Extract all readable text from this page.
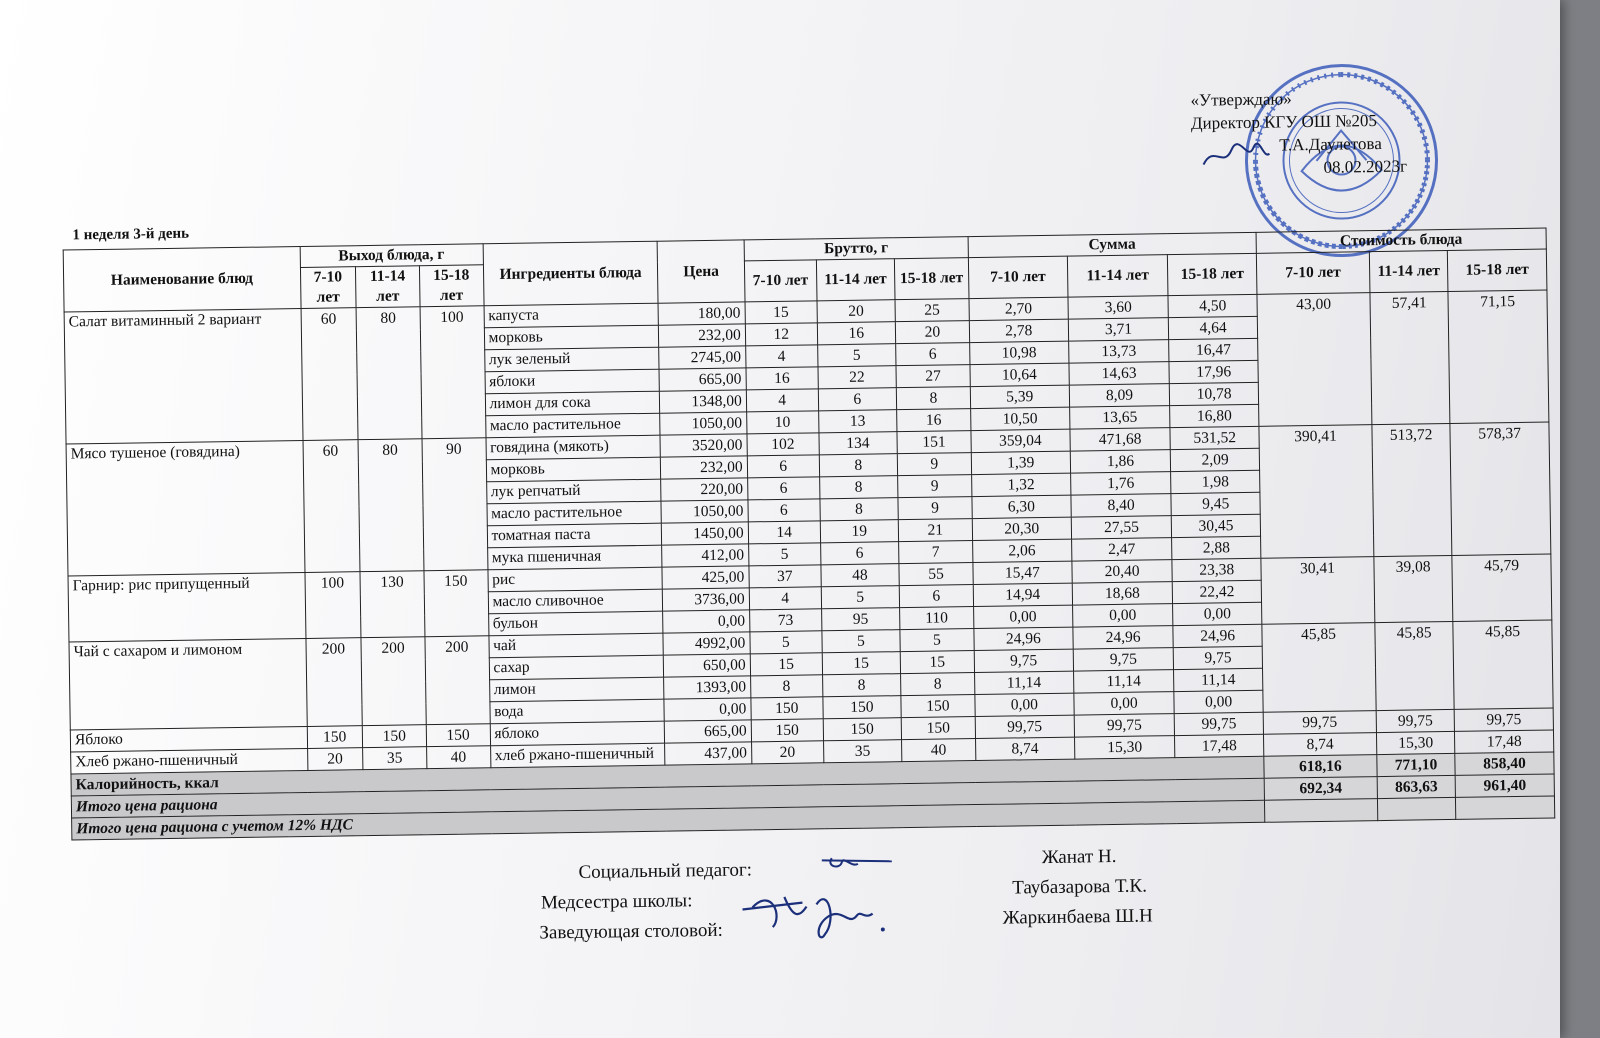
«Утверждаю»
Директор КГУ ОШ №205
Т.А.Даулетова
08.02.2023г
1 неделя 3-й день
Наименование блюд	Выход блюда, г			Ингредиенты блюда	Цена	Брутто, г			Сумма			Стоимость блюда		
	7-10 лет	11-14 лет	15-18 лет			7-10 лет	11-14 лет	15-18 лет	7-10 лет	11-14 лет	15-18 лет	7-10 лет	11-14 лет	15-18 лет
Салат витаминный 2 вариант	60	80	100	капуста	180,00	15	20	25	2,70	3,60	4,50	43,00	57,41	71,15
				морковь	232,00	12	16	20	2,78	3,71	4,64			
				лук зеленый	2745,00	4	5	6	10,98	13,73	16,47			
				яблоки	665,00	16	22	27	10,64	14,63	17,96			
				лимон для сока	1348,00	4	6	8	5,39	8,09	10,78			
				масло растительное	1050,00	10	13	16	10,50	13,65	16,80			
Мясо тушеное (говядина)	60	80	90	говядина (мякоть)	3520,00	102	134	151	359,04	471,68	531,52	390,41	513,72	578,37
				морковь	232,00	6	8	9	1,39	1,86	2,09			
				лук репчатый	220,00	6	8	9	1,32	1,76	1,98			
				масло растительное	1050,00	6	8	9	6,30	8,40	9,45			
				томатная паста	1450,00	14	19	21	20,30	27,55	30,45			
				мука пшеничная	412,00	5	6	7	2,06	2,47	2,88			
Гарнир: рис припущенный	100	130	150	рис	425,00	37	48	55	15,47	20,40	23,38	30,41	39,08	45,79
				масло сливочное	3736,00	4	5	6	14,94	18,68	22,42			
				бульон	0,00	73	95	110	0,00	0,00	0,00			
Чай с сахаром и лимоном	200	200	200	чай	4992,00	5	5	5	24,96	24,96	24,96	45,85	45,85	45,85
				сахар	650,00	15	15	15	9,75	9,75	9,75			
				лимон	1393,00	8	8	8	11,14	11,14	11,14			
				вода	0,00	150	150	150	0,00	0,00	0,00			
Яблоко	150	150	150	яблоко	665,00	150	150	150	99,75	99,75	99,75	99,75	99,75	99,75
Хлеб ржано-пшеничный	20	35	40	хлеб ржано-пшеничный	437,00	20	35	40	8,74	15,30	17,48	8,74	15,30	17,48
Калорийность, ккал												618,16	771,10	858,40
Итого цена рациона												692,34	863,63	961,40
Итого цена рациона с учетом 12% НДС														
Социальный педагог:
Жанат Н.
Медсестра школы:
Таубазарова Т.К.
Заведующая столовой:
Жаркинбаева Ш.Н
